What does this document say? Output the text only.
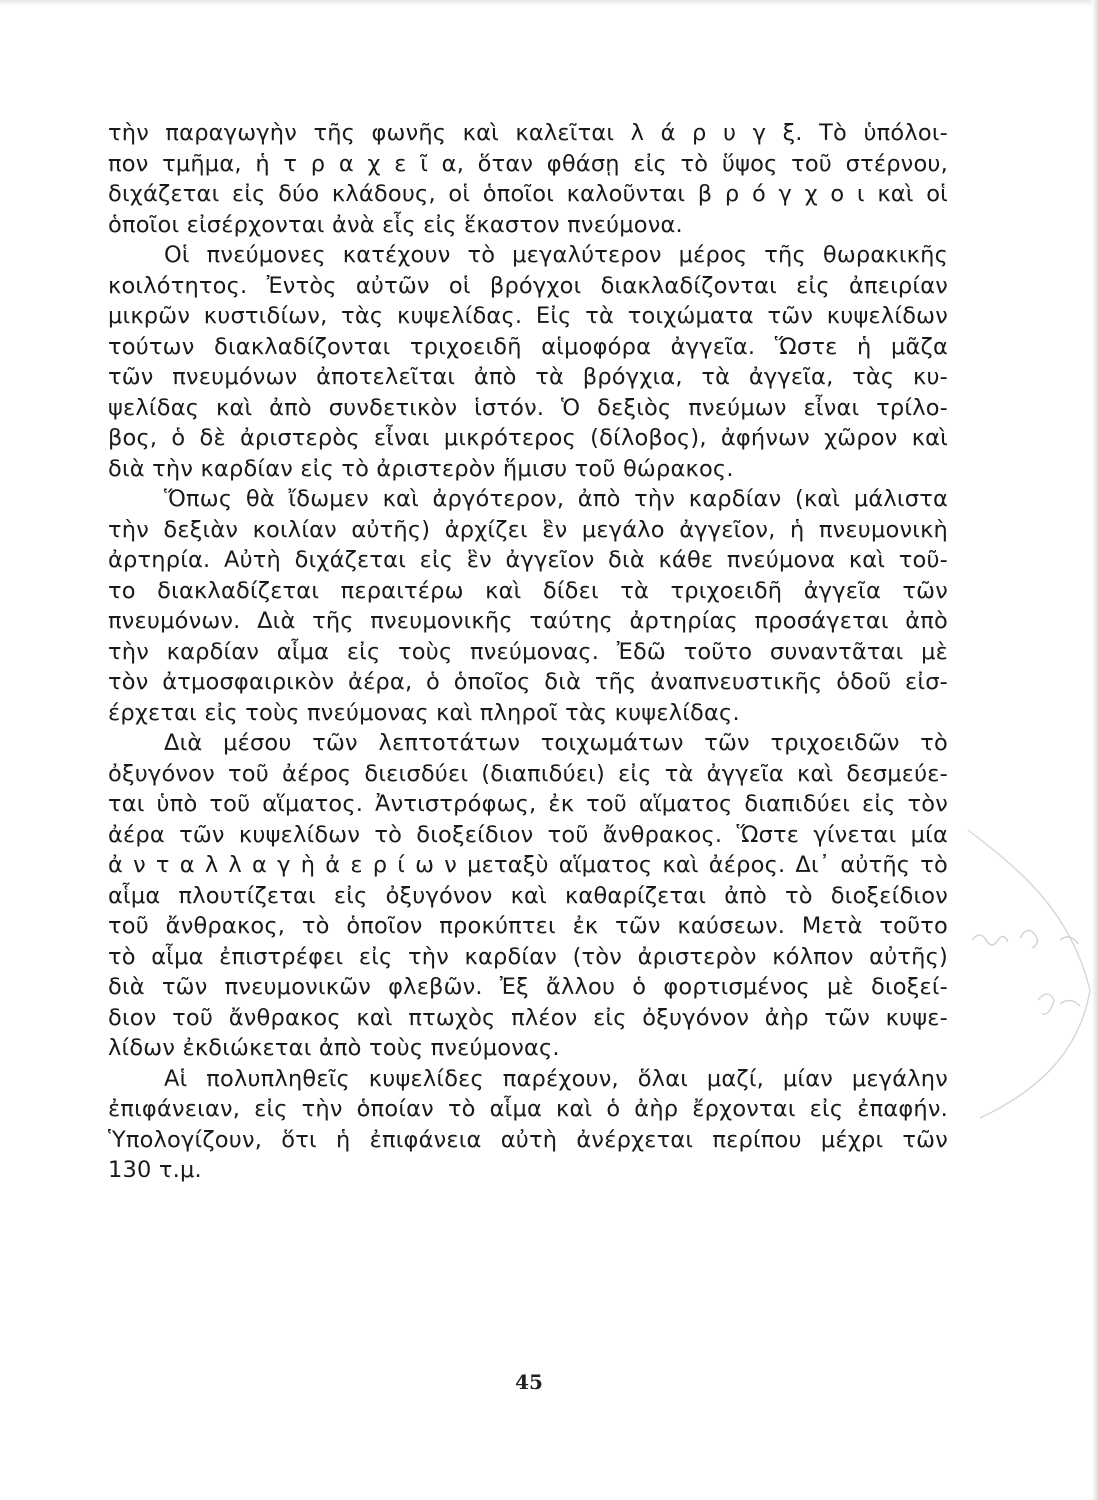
τὴν παραγωγὴν τῆς φωνῆς καὶ καλεῖται λ ά ρ υ γ ξ. Τὸ ὑπόλοι-
πον τμῆμα, ἡ τ ρ α χ ε ῖ α, ὅταν φθάσῃ εἰς τὸ ὕψος τοῦ στέρνου,
διχάζεται εἰς δύο κλάδους, οἱ ὁποῖοι καλοῦνται β ρ ό γ χ ο ι καὶ οἱ
ὁποῖοι εἰσέρχονται ἀνὰ εἷς εἰς ἕκαστον πνεύμονα.
Οἱ πνεύμονες κατέχουν τὸ μεγαλύτερον μέρος τῆς θωρακικῆς
κοιλότητος. Ἐντὸς αὐτῶν οἱ βρόγχοι διακλαδίζονται εἰς ἀπειρίαν
μικρῶν κυστιδίων, τὰς κυψελίδας. Εἰς τὰ τοιχώματα τῶν κυψελίδων
τούτων διακλαδίζονται τριχοειδῆ αἱμοφόρα ἀγγεῖα. Ὥστε ἡ μᾶζα
τῶν πνευμόνων ἀποτελεῖται ἀπὸ τὰ βρόγχια, τὰ ἀγγεῖα, τὰς κυ-
ψελίδας καὶ ἀπὸ συνδετικὸν ἱστόν. Ὁ δεξιὸς πνεύμων εἶναι τρίλο-
βος, ὁ δὲ ἀριστερὸς εἶναι μικρότερος (δίλοβος), ἀφήνων χῶρον καὶ
διὰ τὴν καρδίαν εἰς τὸ ἀριστερὸν ἥμισυ τοῦ θώρακος.
Ὅπως θὰ ἴδωμεν καὶ ἀργότερον, ἀπὸ τὴν καρδίαν (καὶ μάλιστα
τὴν δεξιὰν κοιλίαν αὐτῆς) ἀρχίζει ἓν μεγάλο ἀγγεῖον, ἡ πνευμονικὴ
ἀρτηρία. Αὐτὴ διχάζεται εἰς ἓν ἀγγεῖον διὰ κάθε πνεύμονα καὶ τοῦ-
το διακλαδίζεται περαιτέρω καὶ δίδει τὰ τριχοειδῆ ἀγγεῖα τῶν
πνευμόνων. Διὰ τῆς πνευμονικῆς ταύτης ἀρτηρίας προσάγεται ἀπὸ
τὴν καρδίαν αἷμα εἰς τοὺς πνεύμονας. Ἐδῶ τοῦτο συναντᾶται μὲ
τὸν ἀτμοσφαιρικὸν ἀέρα, ὁ ὁποῖος διὰ τῆς ἀναπνευστικῆς ὁδοῦ εἰσ-
έρχεται εἰς τοὺς πνεύμονας καὶ πληροῖ τὰς κυψελίδας.
Διὰ μέσου τῶν λεπτοτάτων τοιχωμάτων τῶν τριχοειδῶν τὸ
ὀξυγόνον τοῦ ἀέρος διεισδύει (διαπιδύει) εἰς τὰ ἀγγεῖα καὶ δεσμεύε-
ται ὑπὸ τοῦ αἵματος. Ἀντιστρόφως, ἐκ τοῦ αἵματος διαπιδύει εἰς τὸν
ἀέρα τῶν κυψελίδων τὸ διοξείδιον τοῦ ἄνθρακος. Ὥστε γίνεται μία
ἀ ν τ α λ λ α γ ὴ ἀ ε ρ ί ω ν μεταξὺ αἵματος καὶ ἀέρος. Δι᾽ αὐτῆς τὸ
αἷμα πλουτίζεται εἰς ὀξυγόνον καὶ καθαρίζεται ἀπὸ τὸ διοξείδιον
τοῦ ἄνθρακος, τὸ ὁποῖον προκύπτει ἐκ τῶν καύσεων. Μετὰ τοῦτο
τὸ αἷμα ἐπιστρέφει εἰς τὴν καρδίαν (τὸν ἀριστερὸν κόλπον αὐτῆς)
διὰ τῶν πνευμονικῶν φλεβῶν. Ἐξ ἄλλου ὁ φορτισμένος μὲ διοξεί-
διον τοῦ ἄνθρακος καὶ πτωχὸς πλέον εἰς ὀξυγόνον ἀὴρ τῶν κυψε-
λίδων ἐκδιώκεται ἀπὸ τοὺς πνεύμονας.
Αἱ πολυπληθεῖς κυψελίδες παρέχουν, ὅλαι μαζί, μίαν μεγάλην
ἐπιφάνειαν, εἰς τὴν ὁποίαν τὸ αἷμα καὶ ὁ ἀὴρ ἔρχονται εἰς ἐπαφήν.
Ὑπολογίζουν, ὅτι ἡ ἐπιφάνεια αὐτὴ ἀνέρχεται περίπου μέχρι τῶν
130 τ.μ.
45
